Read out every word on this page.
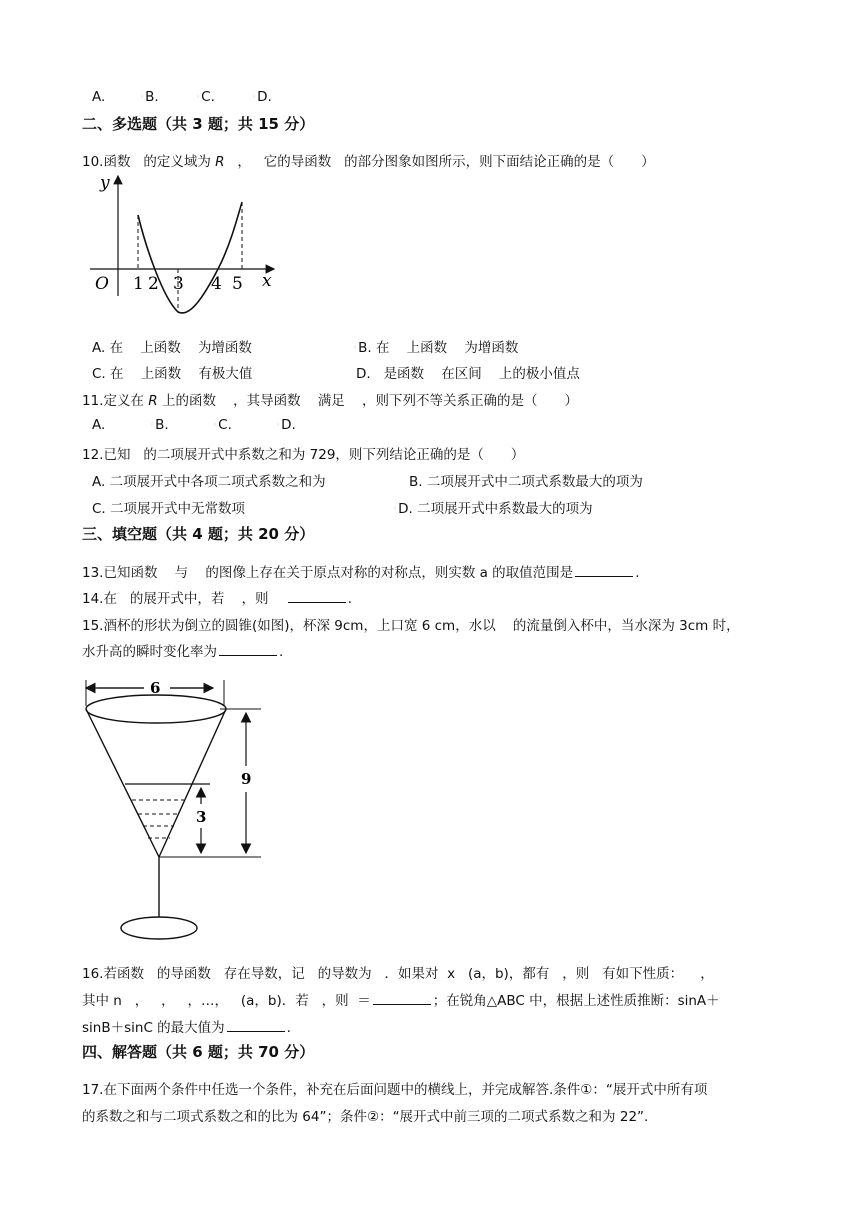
A.	◦B.	◦C.	◦D.
二、多选题（共 3 题；共 15 分）
10.函数 的定义域为 R ， 它的导函数 的部分图象如图所示，则下面结论正确的是（　　）
y
x
O 1 2 3 4 5
A. 在 上函数 为增函数	◦B. 在 上函数 为增函数
C. 在 上函数 有极大值	D. 是函数 在区间 上的极小值点
11.定义在 R 上的函数 ，其导函数 满足 ，则下列不等关系正确的是（　　）
A.	◦B.	◦C.	◦D.
12.已知 的二项展开式中系数之和为 729，则下列结论正确的是（　　）
A. 二项展开式中各项二项式系数之和为	B. 二项展开式中二项式系数最大的项为
C. 二项展开式中无常数项	◦D. 二项展开式中系数最大的项为
三、填空题（共 4 题；共 20 分）
13.已知函数 与 的图像上存在关于原点对称的对称点，则实数 a 的取值范围是	.
14.在 的展开式中，若 ，则	.
15.酒杯的形状为倒立的圆锥(如图)，杯深 9cm，上口宽 6 cm，水以 的流量倒入杯中，当水深为 3cm 时，
水升高的瞬时变化率为	.
6
9
3
16.若函数 的导函数 存在导数，记 的导数为 ．如果对 x (a，b)，都有 ，则 有如下性质： ，
其中 n ， ， ，…， (a，b)．若 ，则 ＝	；在锐角△ABC 中，根据上述性质推断：sinA＋
sinB＋sinC 的最大值为	.
四、解答题（共 6 题；共 70 分）
17.在下面两个条件中任选一个条件，补充在后面问题中的横线上，并完成解答.条件①：“展开式中所有项
的系数之和与二项式系数之和的比为 64”；条件②：“展开式中前三项的二项式系数之和为 22”.
